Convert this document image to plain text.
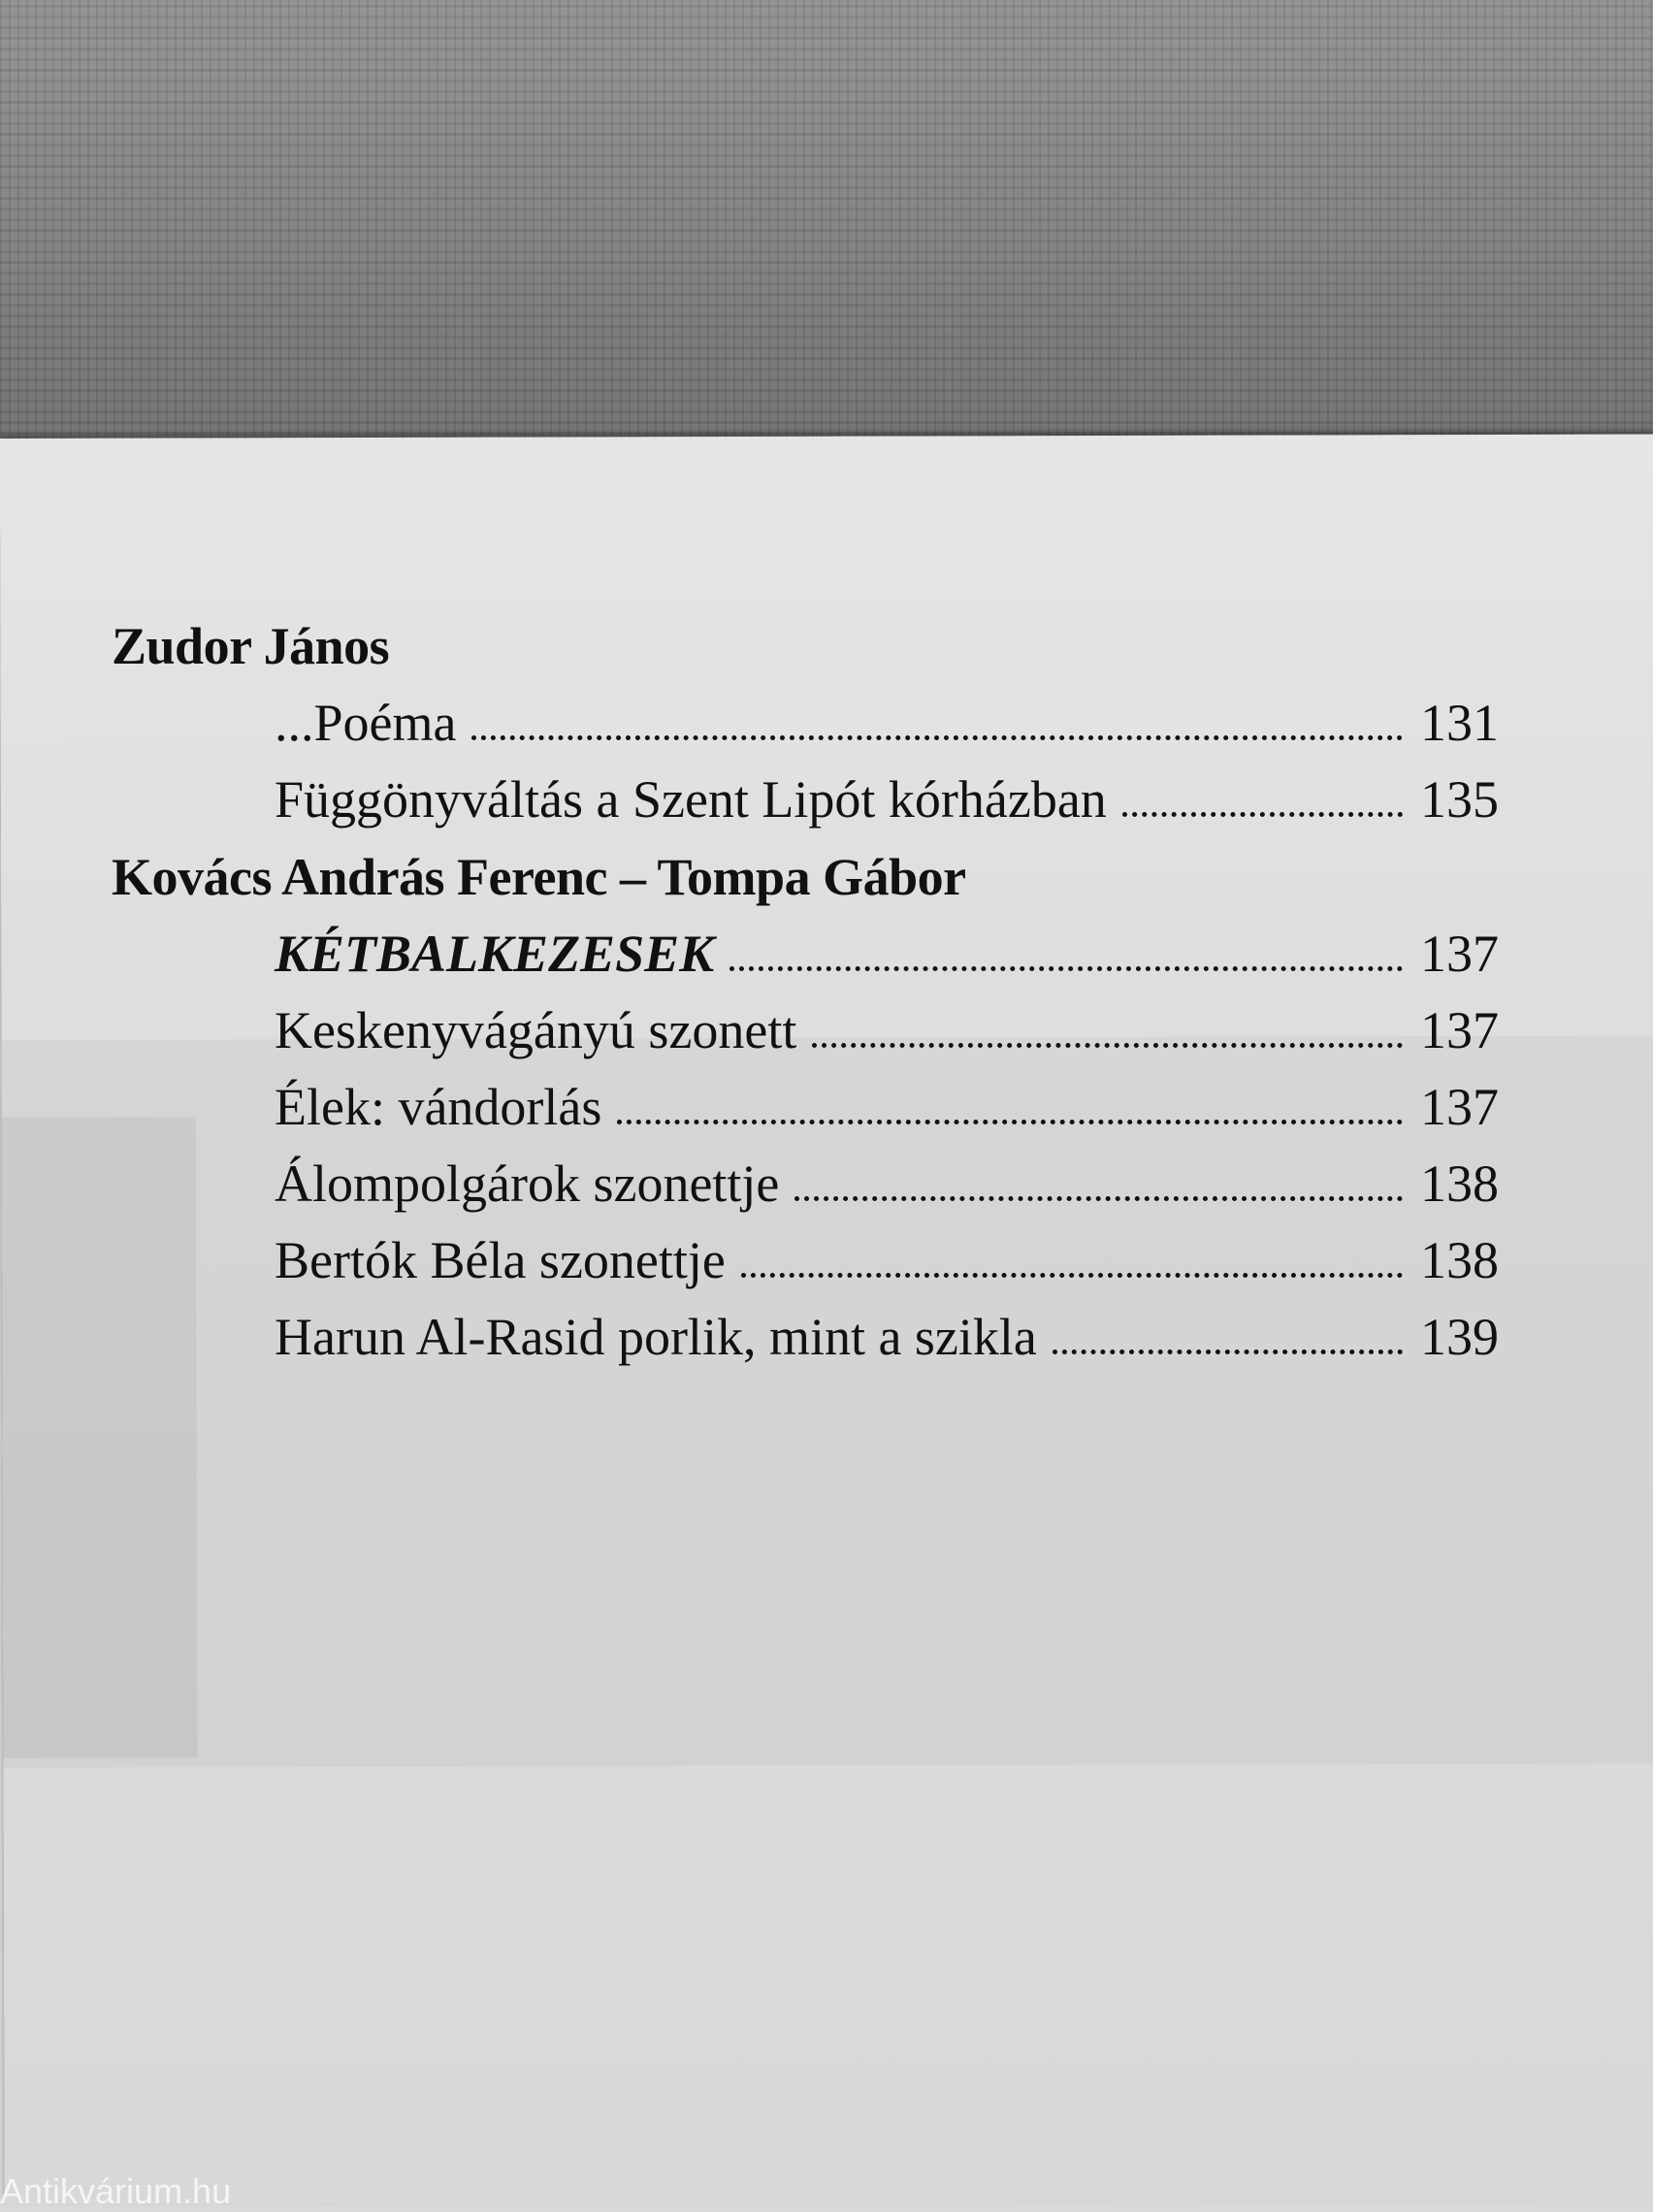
Zudor János
...Poéma	131
Függönyváltás a Szent Lipót kórházban	135
Kovács András Ferenc – Tompa Gábor
KÉTBALKEZESEK	137
Keskenyvágányú szonett	137
Élek: vándorlás	137
Álompolgárok szonettje	138
Bertók Béla szonettje	138
Harun Al-Rasid porlik, mint a szikla	139
Antikvárium.hu
